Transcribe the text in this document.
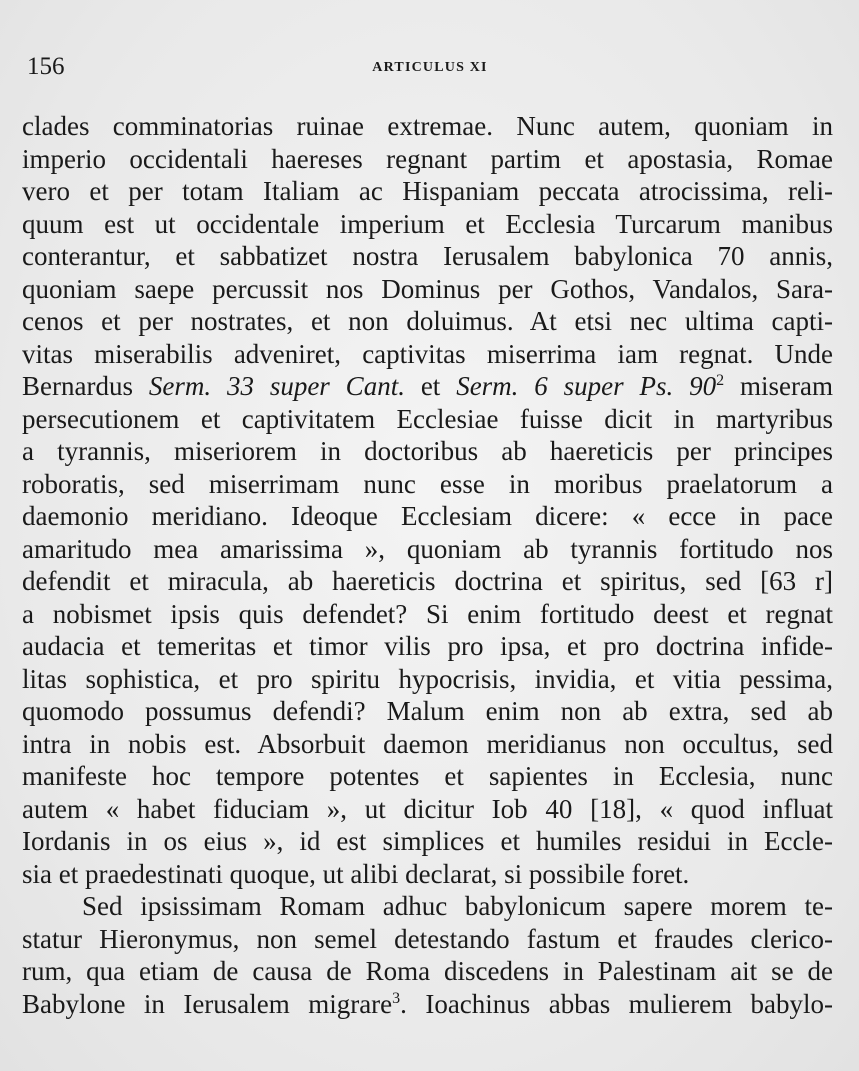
156	ARTICULUS XI
clades comminatorias ruinae extremae. Nunc autem, quoniam in
imperio occidentali haereses regnant partim et apostasia, Romae
vero et per totam Italiam ac Hispaniam peccata atrocissima, reli-
quum est ut occidentale imperium et Ecclesia Turcarum manibus
conterantur, et sabbatizet nostra Ierusalem babylonica 70 annis,
quoniam saepe percussit nos Dominus per Gothos, Vandalos, Sara-
cenos et per nostrates, et non doluimus. At etsi nec ultima capti-
vitas miserabilis adveniret, captivitas miserrima iam regnat. Unde
Bernardus Serm. 33 super Cant. et Serm. 6 super Ps. $90^2$ miseram
persecutionem et captivitatem Ecclesiae fuisse dicit in martyribus
a tyrannis, miseriorem in doctoribus ab haereticis per principes
roboratis, sed miserrimam nunc esse in moribus praelatorum a
daemonio meridiano. Ideoque Ecclesiam dicere: « ecce in pace
amaritudo mea amarissima », quoniam ab tyrannis fortitudo nos
defendit et miracula, ab haereticis doctrina et spiritus, sed [63 r]
a nobismet ipsis quis defendet? Si enim fortitudo deest et regnat
audacia et temeritas et timor vilis pro ipsa, et pro doctrina infide-
litas sophistica, et pro spiritu hypocrisis, invidia, et vitia pessima,
quomodo possumus defendi? Malum enim non ab extra, sed ab
intra in nobis est. Absorbuit daemon meridianus non occultus, sed
manifeste hoc tempore potentes et sapientes in Ecclesia, nunc
autem « habet fiduciam », ut dicitur Iob 40 [18], « quod influat
Iordanis in os eius », id est simplices et humiles residui in Eccle-
sia et praedestinati quoque, ut alibi declarat, si possibile foret.
Sed ipsissimam Romam adhuc babylonicum sapere morem te-
statur Hieronymus, non semel detestando fastum et fraudes clerico-
rum, qua etiam de causa de Roma discedens in Palestinam ait se de
Babylone in Ierusalem migrare$^3$. Ioachinus abbas mulierem babylo-
